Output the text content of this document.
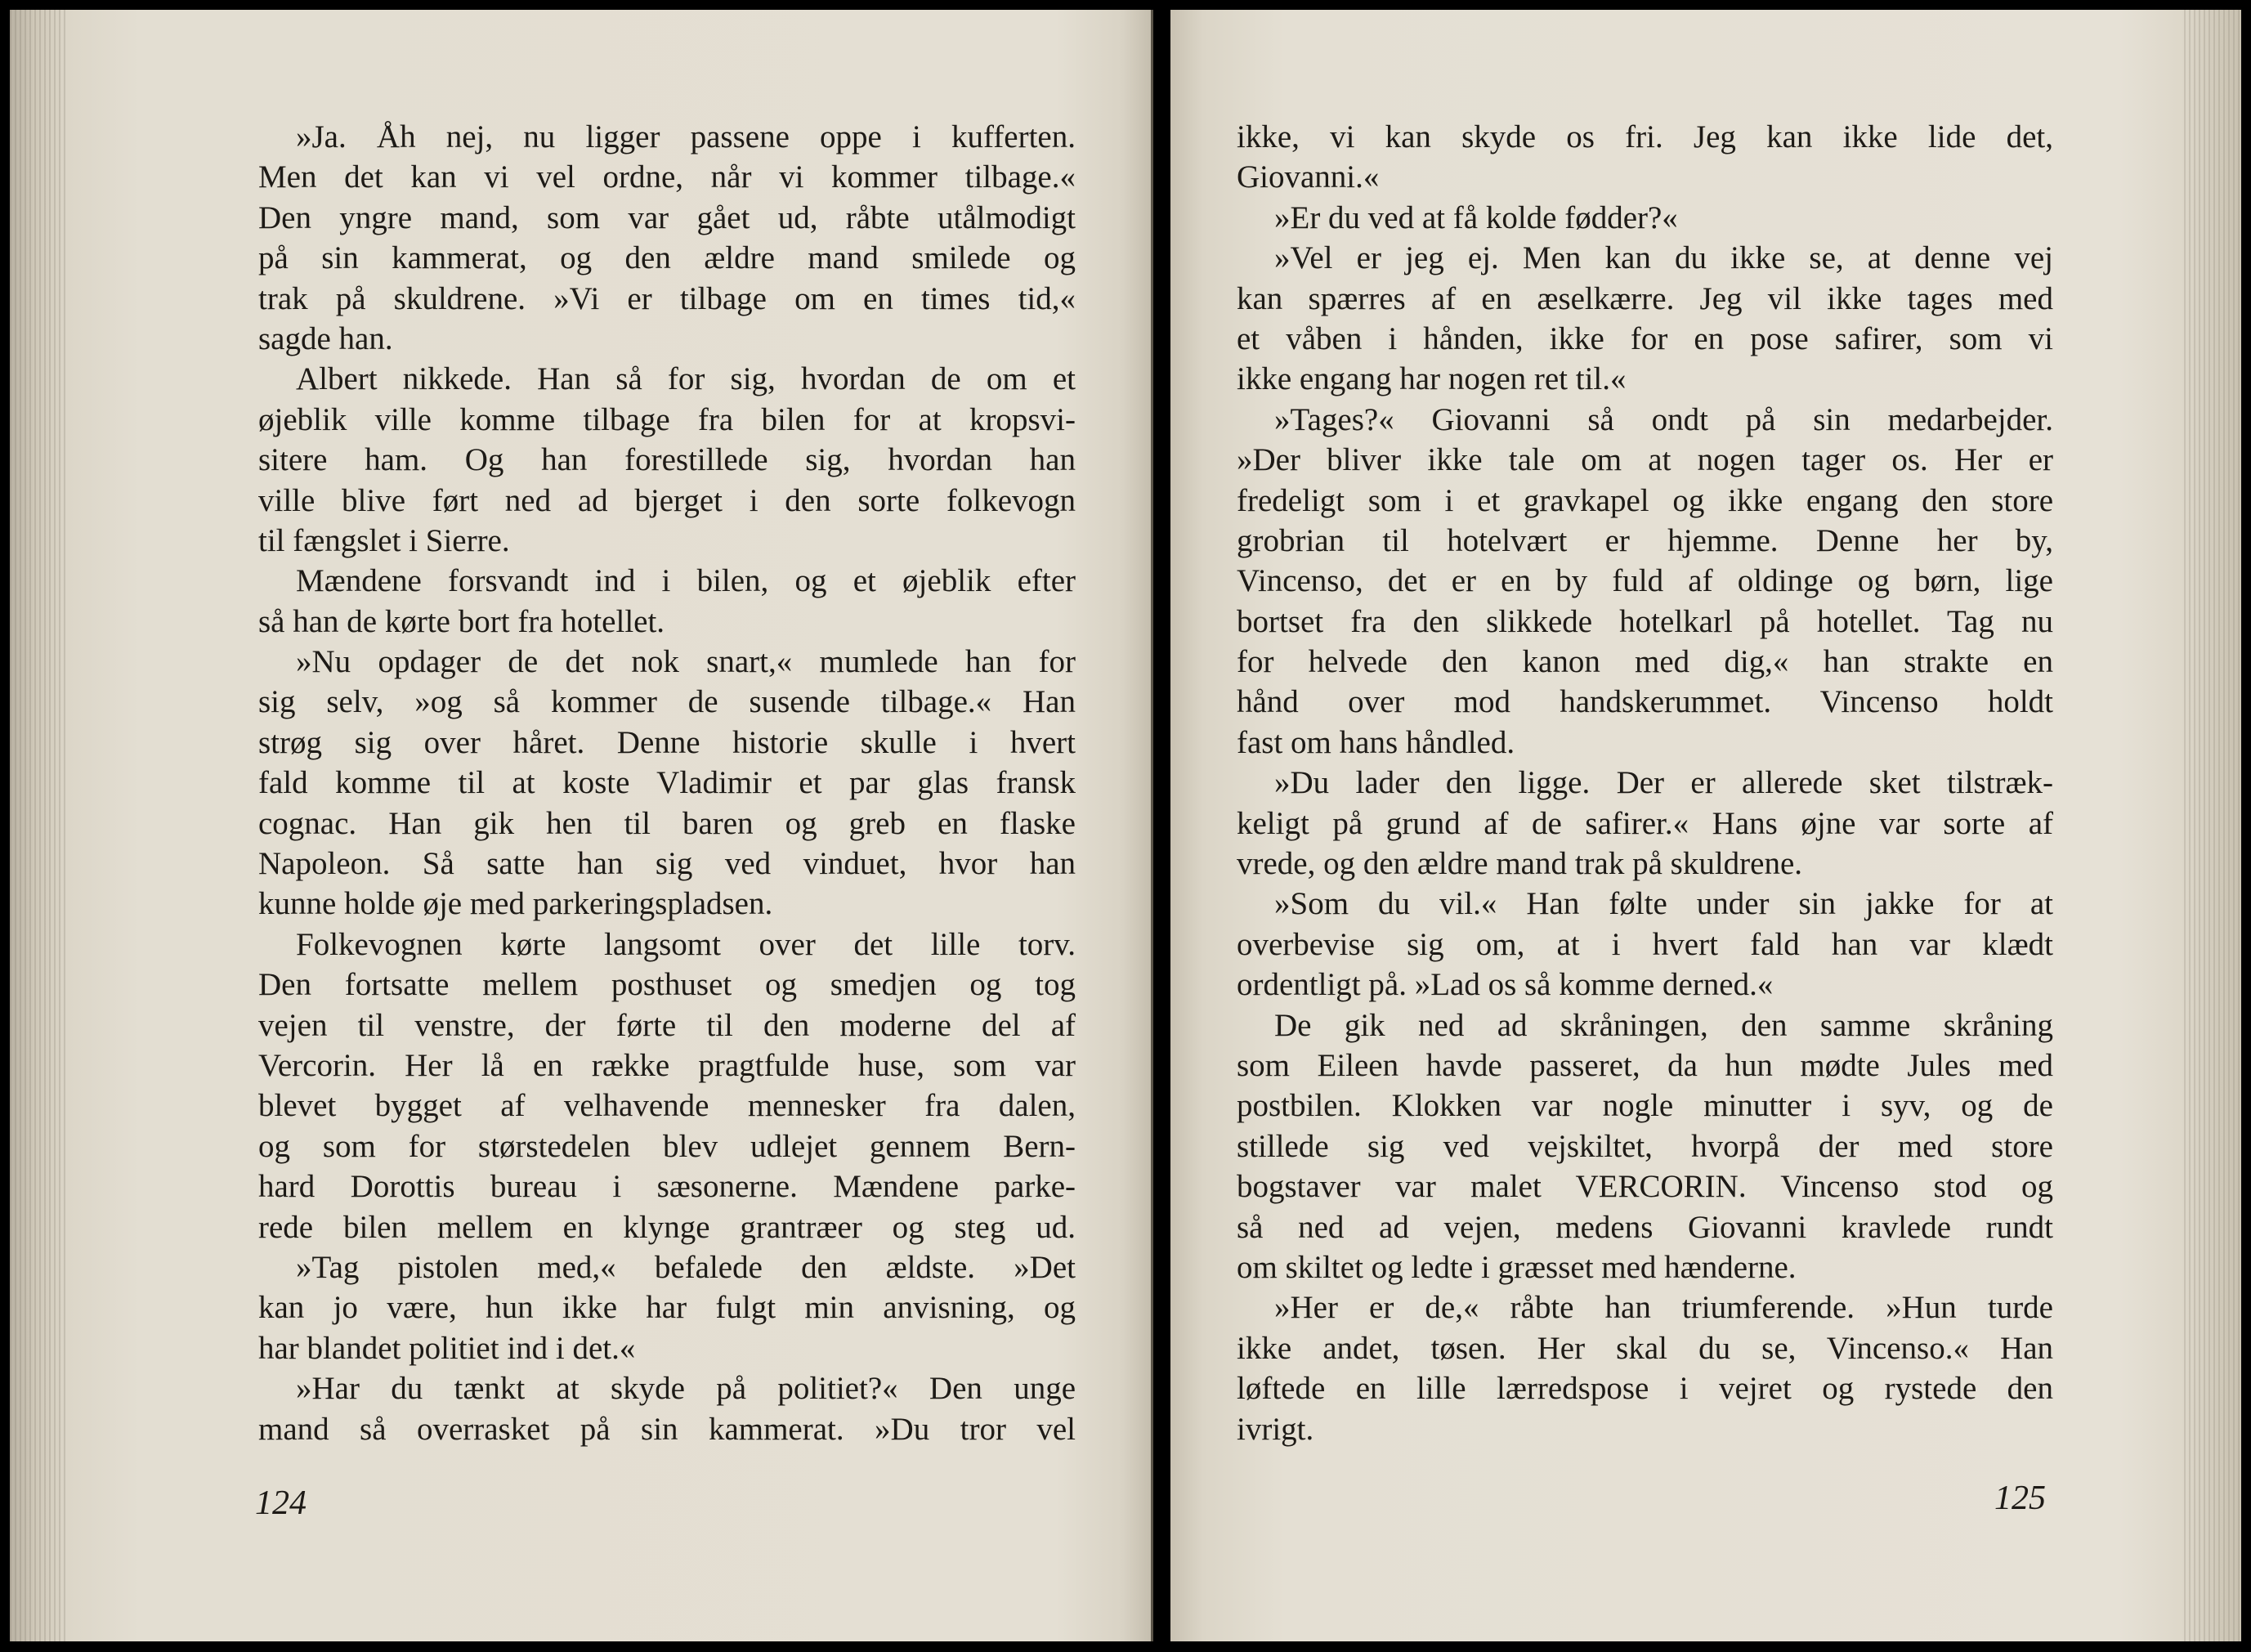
»Ja. Åh nej, nu ligger passene oppe i kufferten.
Men det kan vi vel ordne, når vi kommer tilbage.«
Den yngre mand, som var gået ud, råbte utålmodigt
på sin kammerat, og den ældre mand smilede og
trak på skuldrene. »Vi er tilbage om en times tid,«
sagde han.
Albert nikkede. Han så for sig, hvordan de om et
øjeblik ville komme tilbage fra bilen for at kropsvi-
sitere ham. Og han forestillede sig, hvordan han
ville blive ført ned ad bjerget i den sorte folkevogn
til fængslet i Sierre.
Mændene forsvandt ind i bilen, og et øjeblik efter
så han de kørte bort fra hotellet.
»Nu opdager de det nok snart,« mumlede han for
sig selv, »og så kommer de susende tilbage.« Han
strøg sig over håret. Denne historie skulle i hvert
fald komme til at koste Vladimir et par glas fransk
cognac. Han gik hen til baren og greb en flaske
Napoleon. Så satte han sig ved vinduet, hvor han
kunne holde øje med parkeringspladsen.
Folkevognen kørte langsomt over det lille torv.
Den fortsatte mellem posthuset og smedjen og tog
vejen til venstre, der førte til den moderne del af
Vercorin. Her lå en række pragtfulde huse, som var
blevet bygget af velhavende mennesker fra dalen,
og som for størstedelen blev udlejet gennem Bern-
hard Dorottis bureau i sæsonerne. Mændene parke-
rede bilen mellem en klynge grantræer og steg ud.
»Tag pistolen med,« befalede den ældste. »Det
kan jo være, hun ikke har fulgt min anvisning, og
har blandet politiet ind i det.«
»Har du tænkt at skyde på politiet?« Den unge
mand så overrasket på sin kammerat. »Du tror vel
124
ikke, vi kan skyde os fri. Jeg kan ikke lide det,
Giovanni.«
»Er du ved at få kolde fødder?«
»Vel er jeg ej. Men kan du ikke se, at denne vej
kan spærres af en æselkærre. Jeg vil ikke tages med
et våben i hånden, ikke for en pose safirer, som vi
ikke engang har nogen ret til.«
»Tages?« Giovanni så ondt på sin medarbejder.
»Der bliver ikke tale om at nogen tager os. Her er
fredeligt som i et gravkapel og ikke engang den store
grobrian til hotelvært er hjemme. Denne her by,
Vincenso, det er en by fuld af oldinge og børn, lige
bortset fra den slikkede hotelkarl på hotellet. Tag nu
for helvede den kanon med dig,« han strakte en
hånd over mod handskerummet. Vincenso holdt
fast om hans håndled.
»Du lader den ligge. Der er allerede sket tilstræk-
keligt på grund af de safirer.« Hans øjne var sorte af
vrede, og den ældre mand trak på skuldrene.
»Som du vil.« Han følte under sin jakke for at
overbevise sig om, at i hvert fald han var klædt
ordentligt på. »Lad os så komme derned.«
De gik ned ad skråningen, den samme skråning
som Eileen havde passeret, da hun mødte Jules med
postbilen. Klokken var nogle minutter i syv, og de
stillede sig ved vejskiltet, hvorpå der med store
bogstaver var malet VERCORIN. Vincenso stod og
så ned ad vejen, medens Giovanni kravlede rundt
om skiltet og ledte i græsset med hænderne.
»Her er de,« råbte han triumferende. »Hun turde
ikke andet, tøsen. Her skal du se, Vincenso.« Han
løftede en lille lærredspose i vejret og rystede den
ivrigt.
125
